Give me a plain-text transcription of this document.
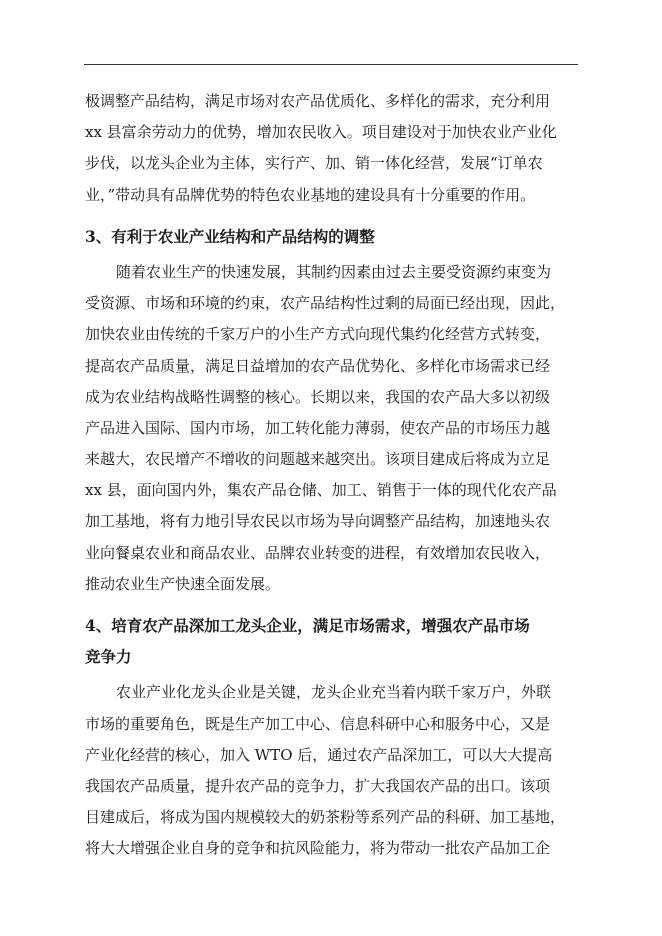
极调整产品结构，满足市场对农产品优质化、多样化的需求，充分利用
xx 县富余劳动力的优势，增加农民收入。项目建设对于加快农业产业化
步伐，以龙头企业为主体，实行产、加、销一体化经营，发展“订单农
业，”带动具有品牌优势的特色农业基地的建设具有十分重要的作用。
3、有利于农业产业结构和产品结构的调整
随着农业生产的快速发展，其制约因素由过去主要受资源约束变为
受资源、市场和环境的约束，农产品结构性过剩的局面已经出现，因此，
加快农业由传统的千家万户的小生产方式向现代集约化经营方式转变，
提高农产品质量，满足日益增加的农产品优势化、多样化市场需求已经
成为农业结构战略性调整的核心。长期以来，我国的农产品大多以初级
产品进入国际、国内市场，加工转化能力薄弱，使农产品的市场压力越
来越大，农民增产不增收的问题越来越突出。该项目建成后将成为立足
xx 县，面向国内外，集农产品仓储、加工、销售于一体的现代化农产品
加工基地，将有力地引导农民以市场为导向调整产品结构，加速地头农
业向餐桌农业和商品农业、品牌农业转变的进程，有效增加农民收入，
推动农业生产快速全面发展。
4、培育农产品深加工龙头企业，满足市场需求，增强农产品市场
竞争力
农业产业化龙头企业是关键，龙头企业充当着内联千家万户，外联
市场的重要角色，既是生产加工中心、信息科研中心和服务中心，又是
产业化经营的核心，加入 WTO 后，通过农产品深加工，可以大大提高
我国农产品质量，提升农产品的竞争力，扩大我国农产品的出口。该项
目建成后，将成为国内规模较大的奶茶粉等系列产品的科研、加工基地，
将大大增强企业自身的竞争和抗风险能力，将为带动一批农产品加工企
